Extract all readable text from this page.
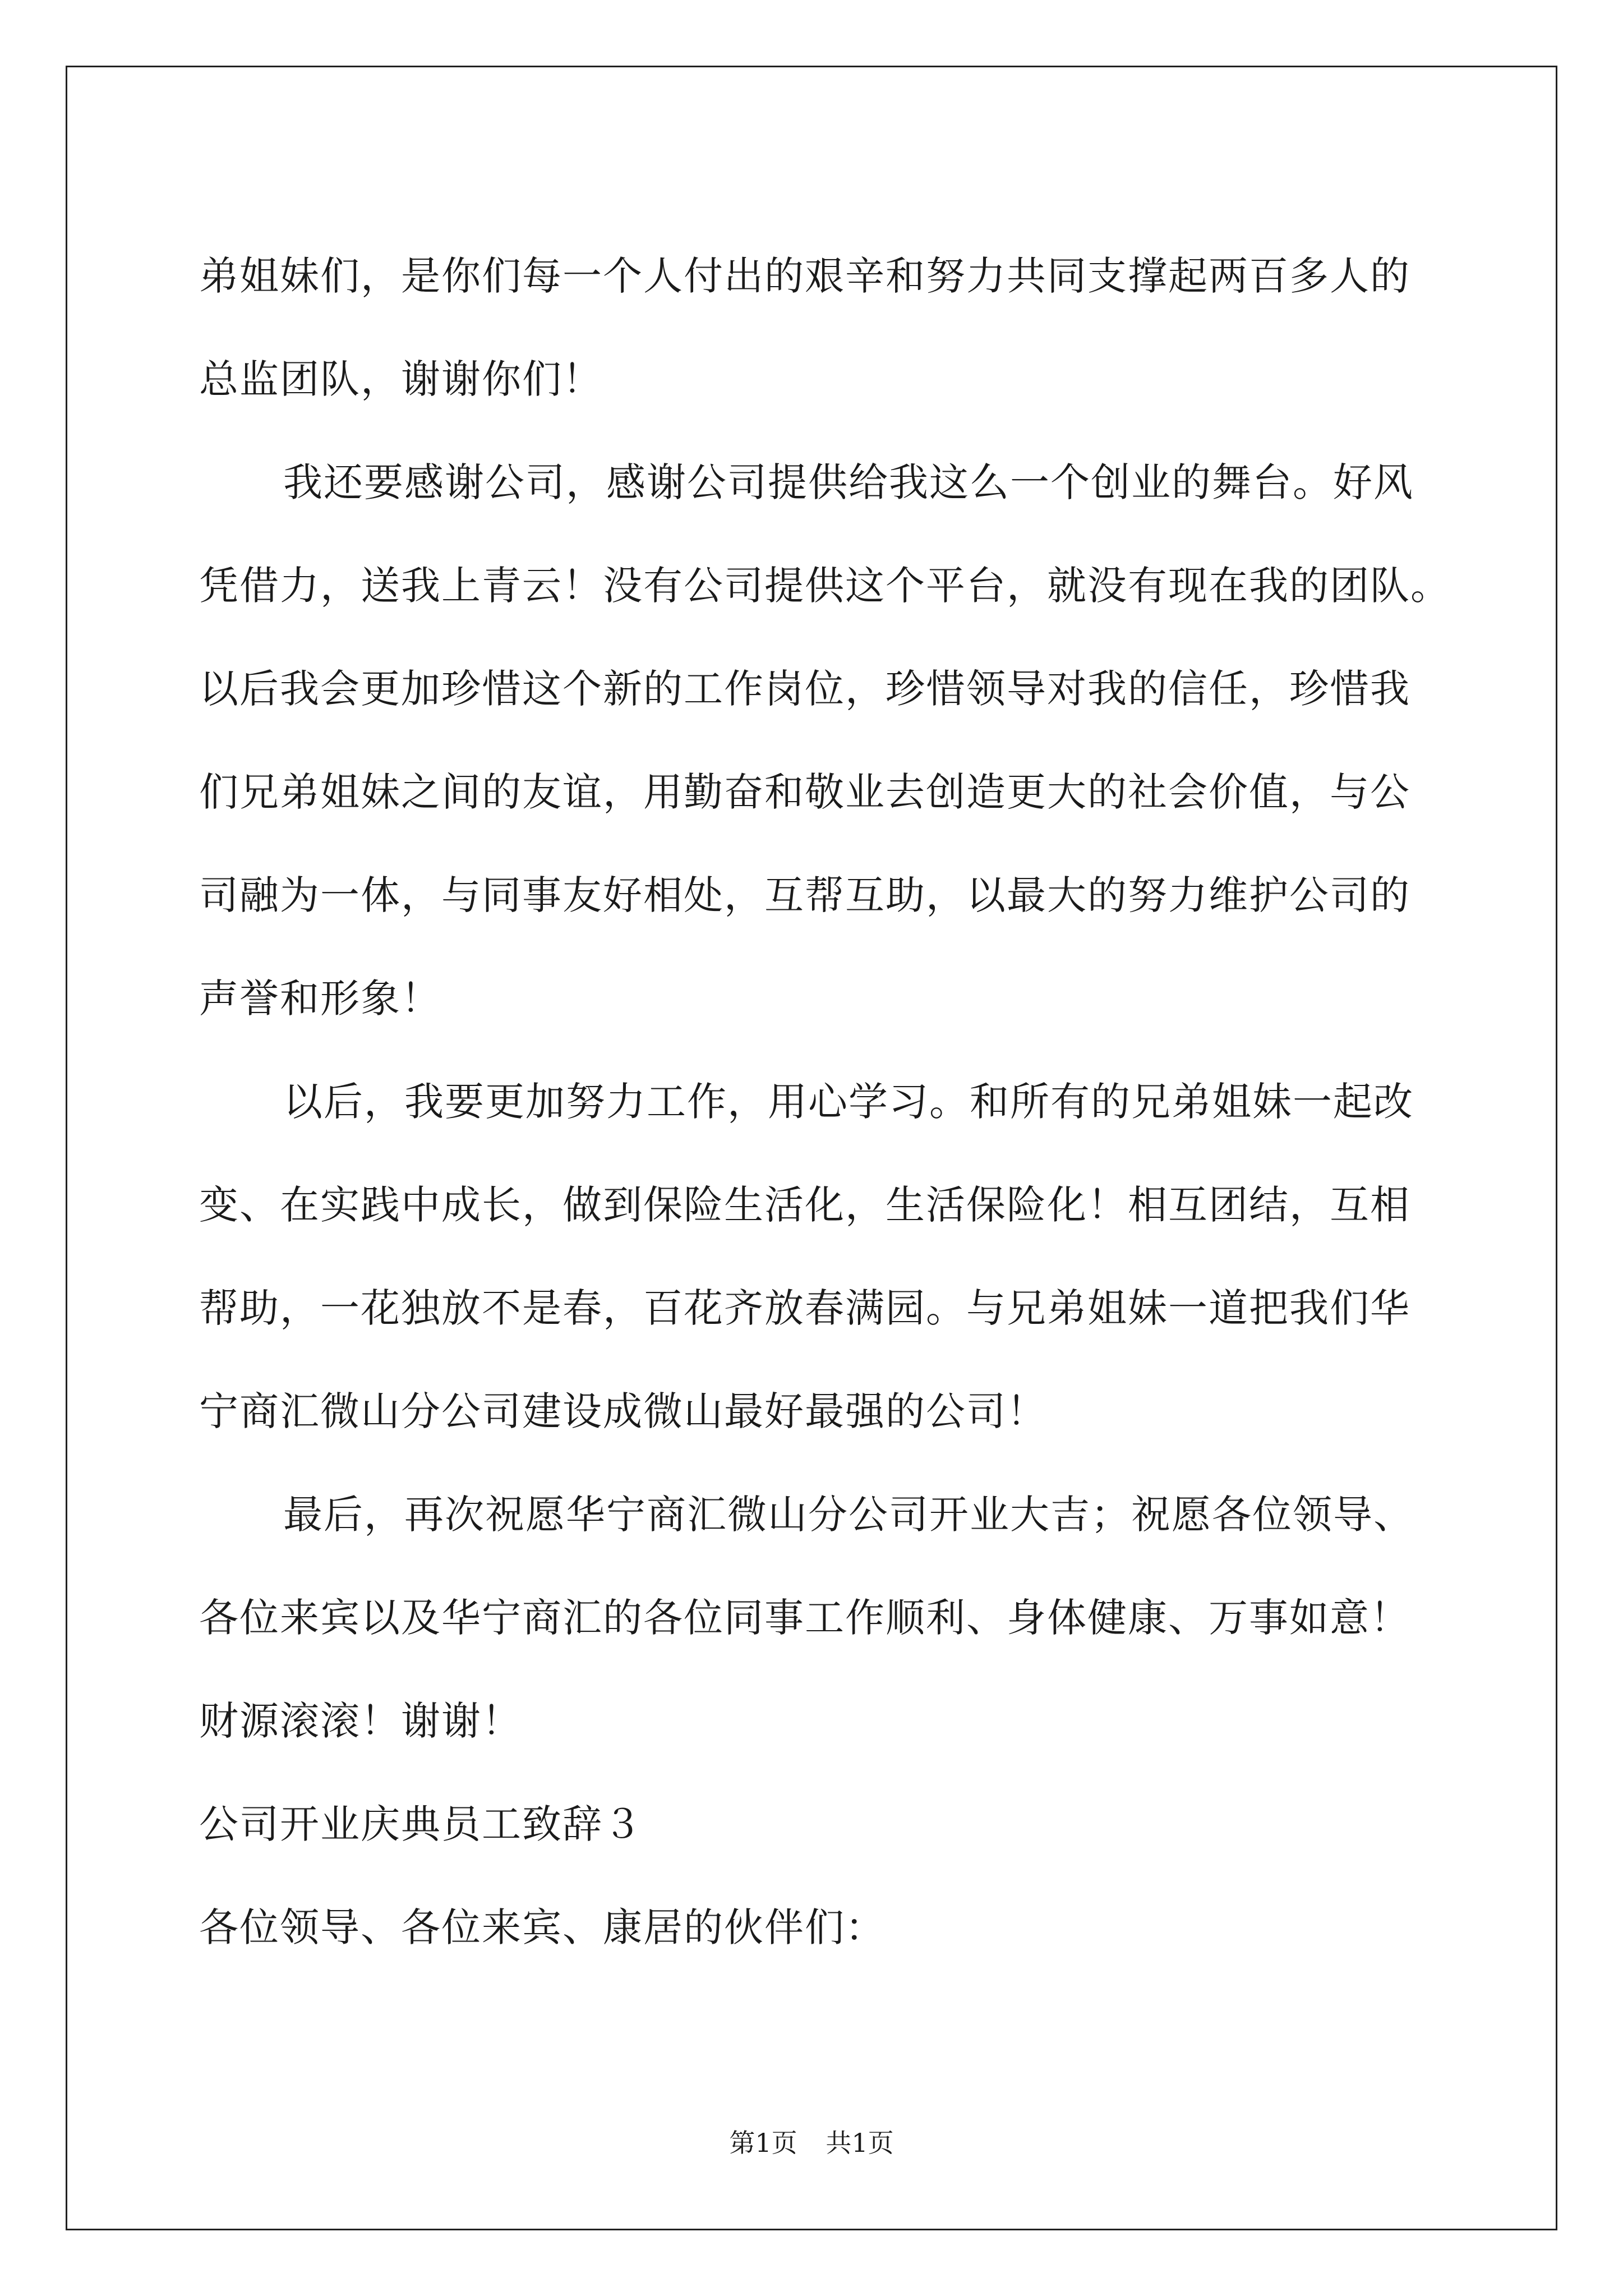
弟姐妹们，是你们每一个人付出的艰辛和努力共同支撑起两百多人的
总监团队，谢谢你们！
我还要感谢公司，感谢公司提供给我这么一个创业的舞台。好风
凭借力，送我上青云！没有公司提供这个平台，就没有现在我的团队。
以后我会更加珍惜这个新的工作岗位，珍惜领导对我的信任，珍惜我
们兄弟姐妹之间的友谊，用勤奋和敬业去创造更大的社会价值，与公
司融为一体，与同事友好相处，互帮互助，以最大的努力维护公司的
声誉和形象！
以后，我要更加努力工作，用心学习。和所有的兄弟姐妹一起改
变、在实践中成长，做到保险生活化，生活保险化！相互团结，互相
帮助，一花独放不是春，百花齐放春满园。与兄弟姐妹一道把我们华
宁商汇微山分公司建设成微山最好最强的公司！
最后，再次祝愿华宁商汇微山分公司开业大吉；祝愿各位领导、
各位来宾以及华宁商汇的各位同事工作顺利、身体健康、万事如意！
财源滚滚！谢谢！
公司开业庆典员工致辞３
各位领导、各位来宾、康居的伙伴们：
第1页 共1页
